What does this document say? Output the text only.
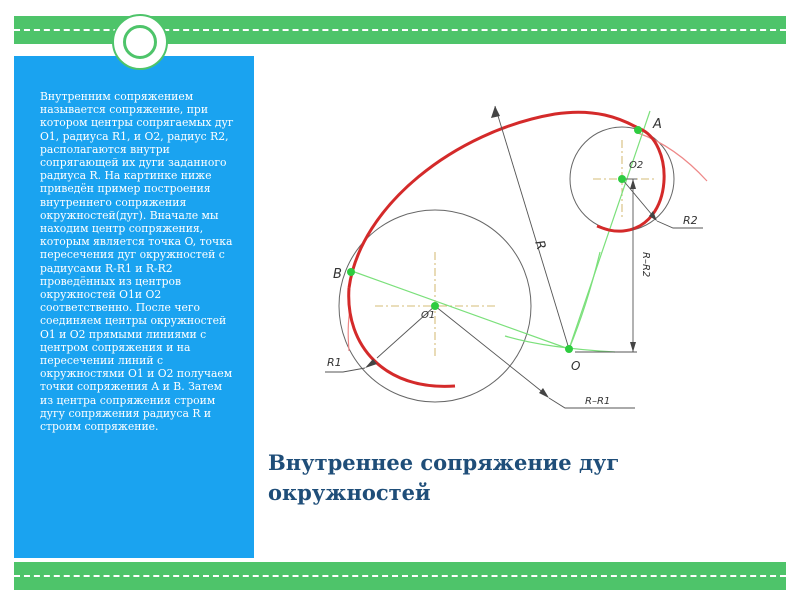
Внутренним сопряжением называется сопряжение, при котором центры сопрягаемых дуг O1, радиуса R1, и O2, радиус R2, располагаются внутри сопрягающей их дуги заданного радиуса R. На картинке ниже приведён пример построения внутреннего сопряжения окружностей(дуг). Вначале мы находим центр сопряжения, которым является точка O, точка пересечения дуг окружностей с радиусами R-R1 и R-R2 проведённых из центров окружностей O1и O2 соответственно. После чего соединяем центры окружностей O1 и O2 прямыми линиями с центром сопряжения и на пересечении линий с окружностями O1 и O2 получаем точки сопряжения A и B. Затем из центра сопряжения строим дугу сопряжения радиуса R и строим сопряжение.

A
B
O
O1
O2
R
R1
R2
R–R1
R–R2
Внутреннее сопряжение дуг окружностей
